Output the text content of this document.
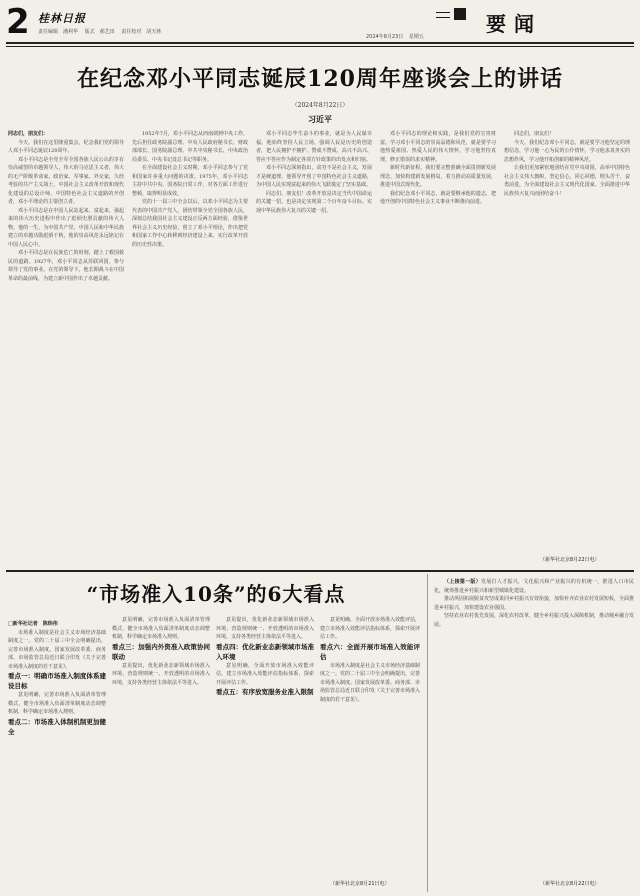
2 桂林日报
责任编辑　潘利华 版式　郝艺田 责任校对　胡天林
2024年8月23日 星期五
要闻
在纪念邓小平同志诞辰120周年座谈会上的讲话
（2024年8月22日）
习近平

同志们，朋友们：

今天，我们在这里隆重集会，纪念我们党的领导人邓小平同志诞辰120周年。

邓小平同志是全党全军全国各族人民公认的享有崇高威望的卓越领导人，伟大的马克思主义者，伟大的无产阶级革命家、政治家、军事家、外交家，久经考验的共产主义战士，中国社会主义改革开放和现代化建设的总设计师，中国特色社会主义道路的开创者，邓小平理论的主要创立者。

邓小平同志是在中国人民站起来、富起来、强起来的伟大历史进程中作出了彪炳史册贡献的伟大人物。他的一生，为中国共产党、中国人民和中华民族建立的卓越功勋彪炳千秋，他的崇高风范永远铭记在中国人民心中。

邓小平同志是在民族危亡的时刻，踏上了救国救民的道路。1927年，邓小平同志从苏联回国，参与领导了党的事业。在党的领导下，他长期战斗在中国革命的最前线，为建立新中国作出了卓越贡献。

1952年7月，邓小平同志从西南调到中央工作，先后担任政务院副总理、中央人民政府秘书长、财政部部长、国务院副总理、中共中央秘书长、中央政治局委员、中央书记处总书记等职务。

在全面建设社会主义时期，邓小平同志参与了党和国家许多重大问题的决策。1975年，邓小平同志主持中共中央、国务院日常工作，对各方面工作进行整顿，取得明显成效。

党的十一届三中全会以后，以邓小平同志为主要代表的中国共产党人，团结带领全党全国各族人民，深刻总结我国社会主义建设正反两方面经验，借鉴世界社会主义历史经验，创立了邓小平理论，作出把党和国家工作中心转移到经济建设上来、实行改革开放的历史性决策。

邓小平同志毕生奋斗的事业，就是为人民谋幸福。他始终坚持人民立场，强调人民是历史的创造者，把人民拥护不拥护、赞成不赞成、高兴不高兴、答应不答应作为制定各项方针政策的出发点和归宿。

邓小平同志深刻指出，贫穷不是社会主义，发展才是硬道理。他领导开创了中国特色社会主义道路，为中国人民实现富起来的伟大飞跃奠定了坚实基础。

同志们、朋友们！改革开放是决定当代中国命运的关键一招，也是决定实现第二个百年奋斗目标、实现中华民族伟大复兴的关键一招。

邓小平同志的理论和实践，是我们党的宝贵财富。学习邓小平同志的崇高品德和风范，就是要学习他热爱祖国、热爱人民的伟大情怀，学习他坚持真理、修正错误的求实精神。

新时代新征程，我们要完整准确全面贯彻新发展理念，加快构建新发展格局，着力推动高质量发展，推进中国式现代化。

我们纪念邓小平同志，就是要继承他的遗志，把他开创的中国特色社会主义事业不断推向前进。

同志们，朋友们！

今天，我们纪念邓小平同志，就是要学习他坚定的理想信念，学习他一心为民的公仆情怀，学习他求真务实的思想作风，学习他开拓创新的精神风范。

让我们更加紧密地团结在党中央周围，高举中国特色社会主义伟大旗帜，坚定信心，同心同德，埋头苦干，奋勇前进，为全面建设社会主义现代化国家、全面推进中华民族伟大复兴而团结奋斗！

（新华社北京8月22日电）
“市场准入10条”的6大看点

□新华社记者　陈炜伟

市场准入制度是社会主义市场经济基础制度之一。党的二十届三中全会明确提出，完善市场准入制度。国家发展改革委、商务部、市场监管总局近日联合印发《关于完善市场准入制度的若干意见》。

看点一：明确市场准入制度体系建设目标

意见明确，完善市场准入负面清单管理模式，健全市场准入负面清单制度动态调整机制，科学确定市场准入规则。

看点二：市场准入体制机制更加健全

意见明确，完善市场准入负面清单管理模式，健全市场准入负面清单制度动态调整机制，科学确定市场准入规则。

看点三：加强内外资准入政策协同联动

意见提出，优化新业态新领域市场准入环境，营造规则统一、开放透明的市场准入环境，支持各类经营主体依法平等进入。

意见提出，优化新业态新领域市场准入环境，营造规则统一、开放透明的市场准入环境，支持各类经营主体依法平等进入。

看点四：优化新业态新领域市场准入环境

意见明确，全面开放市场准入效能评估，建立市场准入效能评估指标体系，探索开展评估工作。

看点五：有序放宽服务业准入限制

意见明确，全面开放市场准入效能评估，建立市场准入效能评估指标体系，探索开展评估工作。

看点六：全面开展市场准入效能评估

市场准入制度是社会主义市场经济基础制度之一。党的二十届三中全会明确提出，完善市场准入制度。国家发展改革委、商务部、市场监管总局近日联合印发《关于完善市场准入制度的若干意见》。

（新华社北京8月21日电）

（上接第一版）发展打人才振兴，文化振兴和产业振兴的有机统一，推进人口市民化，统筹推进乡村振兴和新型城镇化建设。

推动巩固拓展脱贫攻坚成果同乡村振兴有效衔接，加快补齐农业农村发展短板，全面推进乡村振兴，加快建设农业强国。

坚持农业农村优先发展，深化农村改革，健全乡村振兴投入保障机制，推动城乡融合发展。

（新华社北京8月22日电）
